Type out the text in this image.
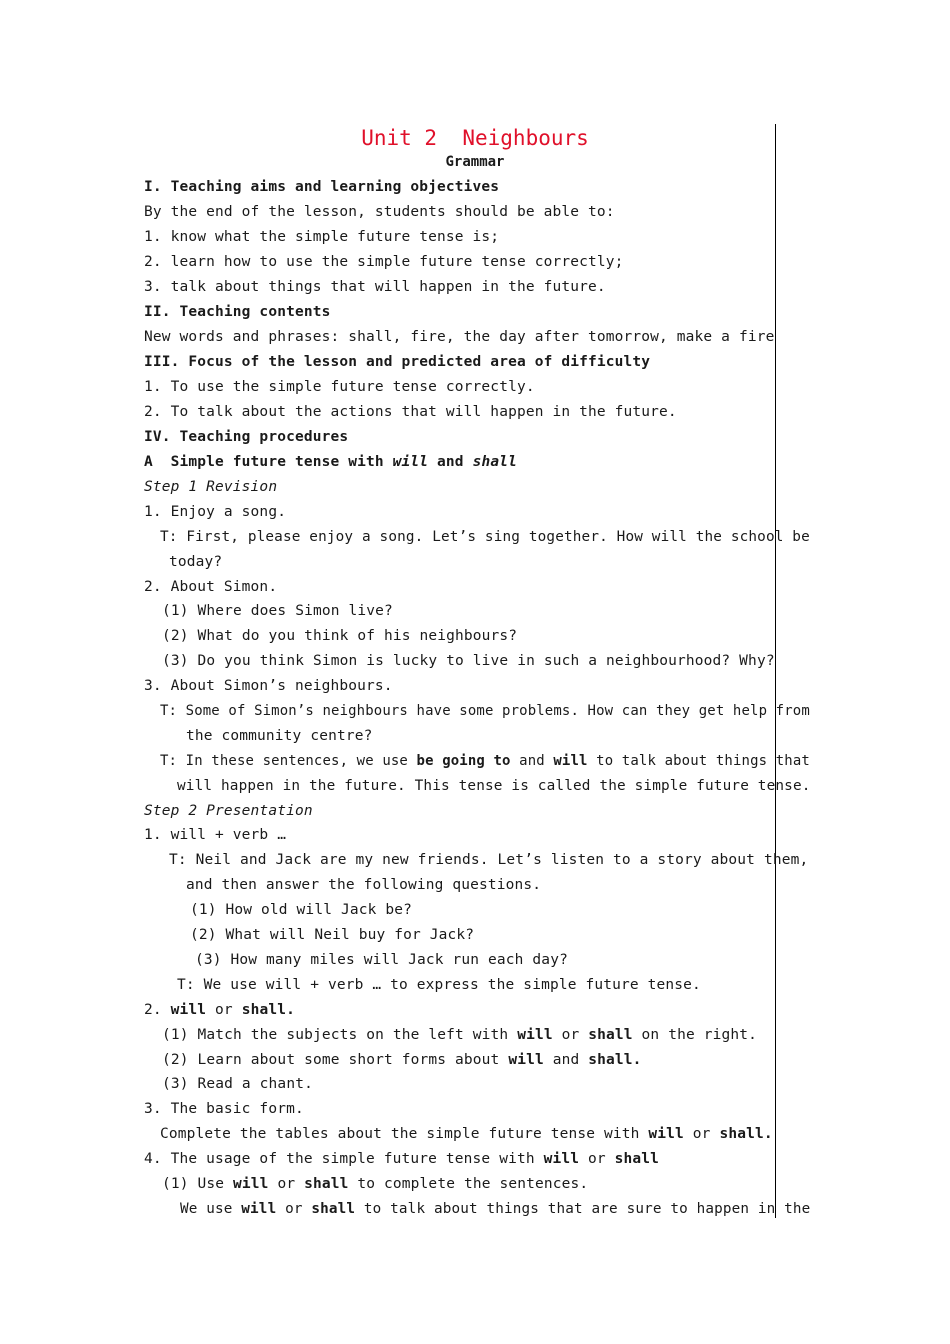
Unit 2  Neighbours
Grammar
I. Teaching aims and learning objectives
By the end of the lesson, students should be able to:
1. know what the simple future tense is;
2. learn how to use the simple future tense correctly;
3. talk about things that will happen in the future.
II. Teaching contents
New words and phrases: shall, fire, the day after tomorrow, make a fire
III. Focus of the lesson and predicted area of difficulty
1. To use the simple future tense correctly.
2. To talk about the actions that will happen in the future.
IV. Teaching procedures
A  Simple future tense with will and shall
Step 1 Revision
1. Enjoy a song.
T: First, please enjoy a song. Let’s sing together. How will the school be
today?
2. About Simon.
(1) Where does Simon live?
(2) What do you think of his neighbours?
(3) Do you think Simon is lucky to live in such a neighbourhood? Why?
3. About Simon’s neighbours.
T: Some of Simon’s neighbours have some problems. How can they get help from
the community centre?
T: In these sentences, we use be going to and will to talk about things that
will happen in the future. This tense is called the simple future tense.
Step 2 Presentation
1. will + verb …
T: Neil and Jack are my new friends. Let’s listen to a story about them,
and then answer the following questions.
(1) How old will Jack be?
(2) What will Neil buy for Jack?
(3) How many miles will Jack run each day?
T: We use will + verb … to express the simple future tense.
2. will or shall.
(1) Match the subjects on the left with will or shall on the right.
(2) Learn about some short forms about will and shall.
(3) Read a chant.
3. The basic form.
Complete the tables about the simple future tense with will or shall.
4. The usage of the simple future tense with will or shall
(1) Use will or shall to complete the sentences.
We use will or shall to talk about things that are sure to happen in the
